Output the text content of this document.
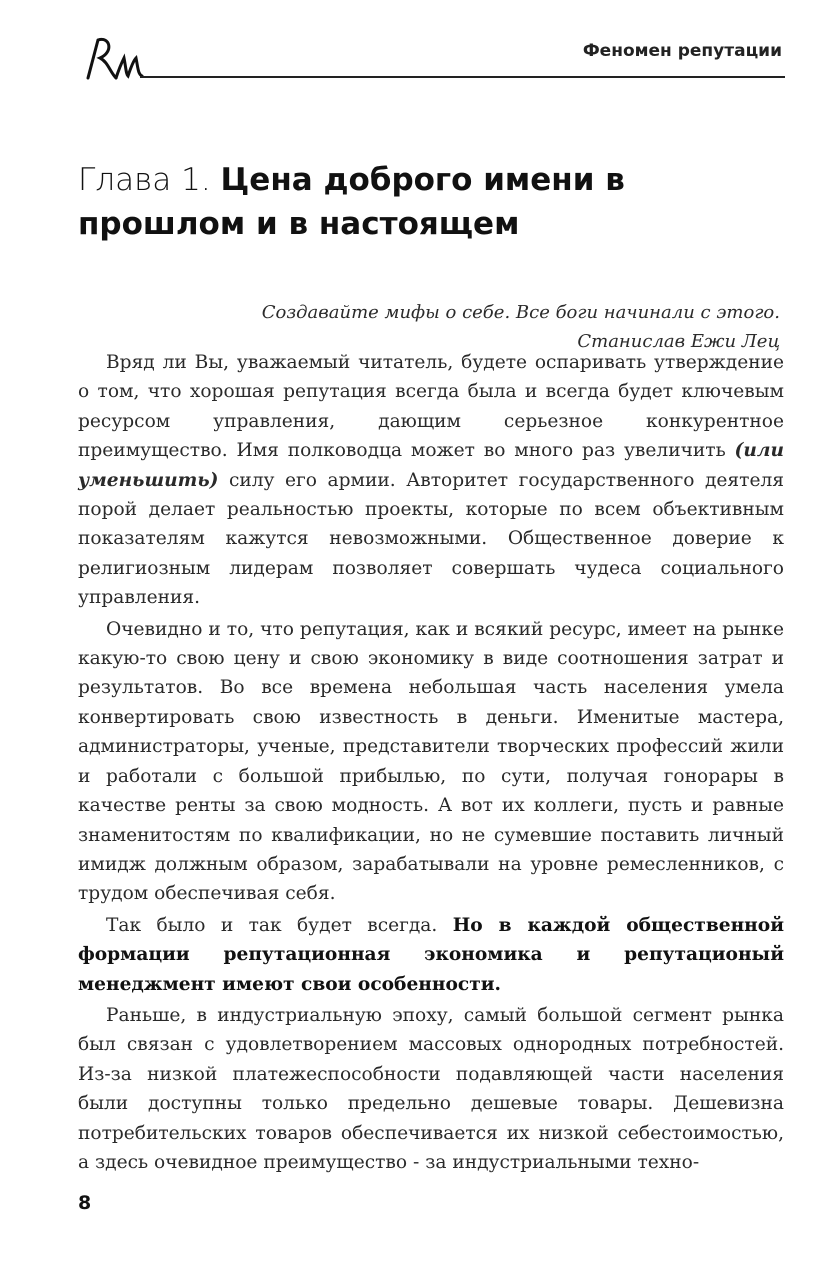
Феномен репутации
Глава 1. Цена доброго имени в прошлом и в настоящем
Создавайте мифы о себе. Все боги начинали с этого.
Станислав Ежи Лец

Вряд ли Вы, уважаемый читатель, будете оспаривать утверждение о том, что хорошая репутация всегда была и всегда будет ключевым ресурсом управления, дающим серьезное конкурентное преимущество. Имя полководца может во много раз увеличить (или уменьшить) силу его армии. Авторитет государственного деятеля порой делает реальностью проекты, которые по всем объективным показателям кажутся невозможными. Общественное доверие к религиозным лидерам позволяет совершать чудеса социального управления.

Очевидно и то, что репутация, как и всякий ресурс, имеет на рынке какую-то свою цену и свою экономику в виде соотношения затрат и результатов. Во все времена небольшая часть населения умела конвертировать свою известность в деньги. Именитые мастера, администраторы, ученые, представители творческих профессий жили и работали с большой прибылью, по сути, получая гонорары в качестве ренты за свою модность. А вот их коллеги, пусть и равные знаменитостям по квалификации, но не сумевшие поставить личный имидж должным образом, зарабатывали на уровне ремесленников, с трудом обеспечивая себя.

Так было и так будет всегда. Но в каждой общественной формации репутационная экономика и репутационый менеджмент имеют свои особенности.

Раньше, в индустриальную эпоху, самый большой сегмент рынка был связан с удовлетворением массовых однородных потребностей. Из-за низкой платежеспособности подавляющей части населения были доступны только предельно дешевые товары. Дешевизна потребительских товаров обеспечивается их низкой себестоимостью, а здесь очевидное преимущество - за индустриальными техно-

8
